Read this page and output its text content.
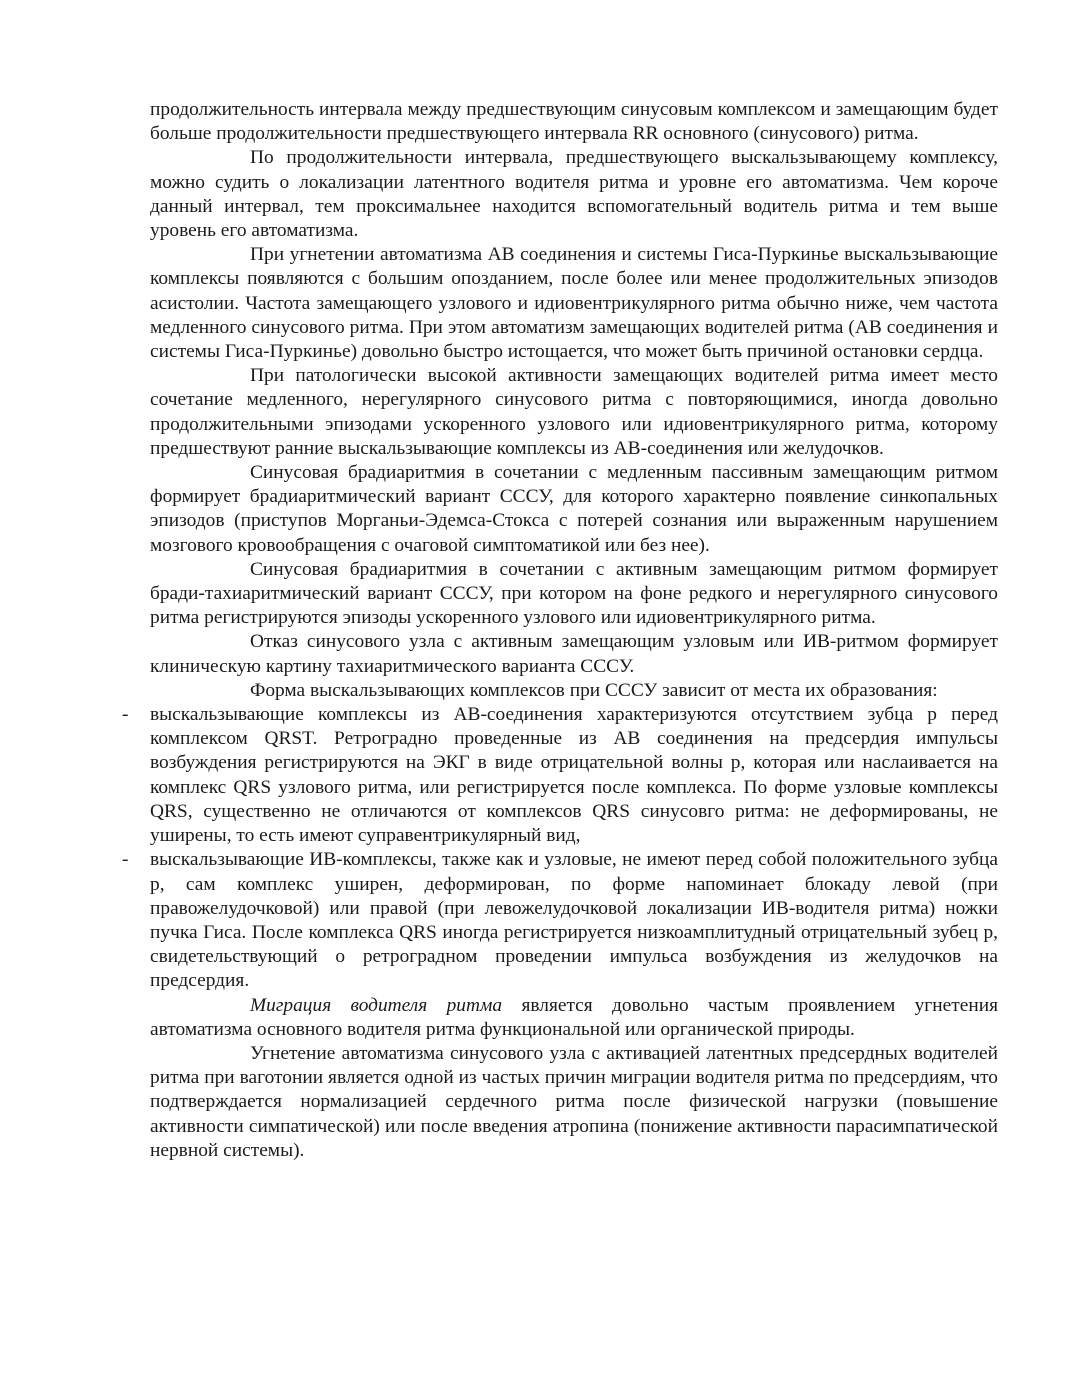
продолжительность интервала между предшествующим синусовым комплексом и замещающим будет больше продолжительности предшествующего интервала RR основного (синусового) ритма.

По продолжительности интервала, предшествующего выскальзывающему комплексу, можно судить о локализации латентного водителя ритма и уровне его автоматизма. Чем короче данный интервал, тем проксимальнее находится вспомогательный водитель ритма и тем выше уровень его автоматизма.

При угнетении автоматизма АВ соединения и системы Гиса-Пуркинье выскальзывающие комплексы появляются с большим опозданием, после более или менее продолжительных эпизодов асистолии. Частота замещающего узлового и идиовентрикулярного ритма обычно ниже, чем частота медленного синусового ритма. При этом автоматизм замещающих водителей ритма (АВ соединения и системы Гиса-Пуркинье) довольно быстро истощается, что может быть причиной остановки сердца.

При патологически высокой активности замещающих водителей ритма имеет место сочетание медленного, нерегулярного синусового ритма с повторяющимися, иногда довольно продолжительными эпизодами ускоренного узлового или идиовентрикулярного ритма, которому предшествуют ранние выскальзывающие комплексы из АВ-соединения или желудочков.

Синусовая брадиаритмия в сочетании с медленным пассивным замещающим ритмом формирует брадиаритмический вариант СССУ, для которого характерно появление синкопальных эпизодов (приступов Морганьи-Эдемса-Стокса с потерей сознания или выраженным нарушением мозгового кровообращения с очаговой симптоматикой или без нее).

Синусовая брадиаритмия в сочетании с активным замещающим ритмом формирует бради-тахиаритмический вариант СССУ, при котором на фоне редкого и нерегулярного синусового ритма регистрируются эпизоды ускоренного узлового или идиовентрикулярного ритма.

Отказ синусового узла с активным замещающим узловым или ИВ-ритмом формирует клиническую картину тахиаритмического варианта СССУ.

Форма выскальзывающих комплексов при СССУ зависит от места их образования:

- выскальзывающие комплексы из АВ-соединения характеризуются отсутствием зубца р перед комплексом QRST. Ретроградно проведенные из АВ соединения на предсердия импульсы возбуждения регистрируются на ЭКГ в виде отрицательной волны р, которая или наслаивается на комплекс QRS узлового ритма, или регистрируется после комплекса. По форме узловые комплексы QRS, существенно не отличаются от комплексов QRS синусовго ритма: не деформированы, не уширены, то есть имеют суправентрикулярный вид,

- выскальзывающие ИВ-комплексы, также как и узловые, не имеют перед собой положительного зубца р, сам комплекс уширен, деформирован, по форме напоминает блокаду левой (при правожелудочковой) или правой (при левожелудочковой локализации ИВ-водителя ритма) ножки пучка Гиса. После комплекса QRS иногда регистрируется низкоамплитудный отрицательный зубец р, свидетельствующий о ретроградном проведении импульса возбуждения из желудочков на предсердия.

Миграция водителя ритма является довольно частым проявлением угнетения автоматизма основного водителя ритма функциональной или органической природы.

Угнетение автоматизма синусового узла с активацией латентных предсердных водителей ритма при ваготонии является одной из частых причин миграции водителя ритма по предсердиям, что подтверждается нормализацией сердечного ритма после физической нагрузки (повышение активности симпатической) или после введения атропина (понижение активности парасимпатической нервной системы).
